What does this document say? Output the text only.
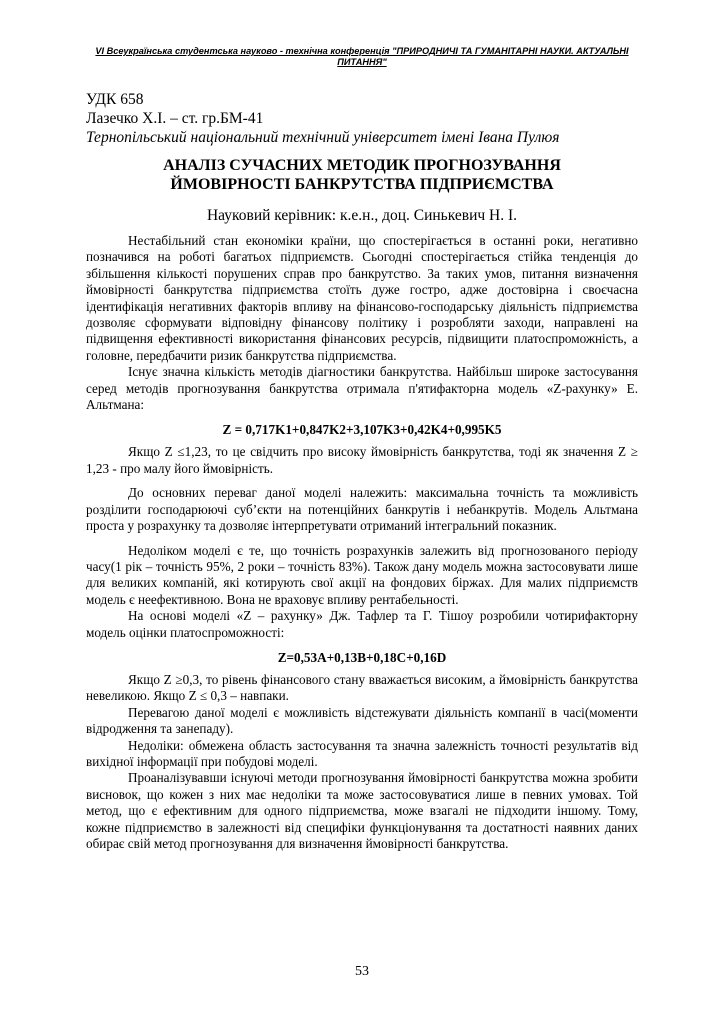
VI Всеукраїнська студентська науково - технічна конференція "ПРИРОДНИЧІ ТА ГУМАНІТАРНІ НАУКИ. АКТУАЛЬНІ ПИТАННЯ"
УДК 658
Лазечко Х.І. – ст. гр.БМ-41
Тернопільський національний технічний університет імені Івана Пулюя
АНАЛІЗ СУЧАСНИХ МЕТОДИК ПРОГНОЗУВАННЯ
ЙМОВІРНОСТІ БАНКРУТСТВА ПІДПРИЄМСТВА
Науковий керівник: к.е.н., доц. Синькевич Н. І.

Нестабільний стан економіки країни, що спостерігається в останні роки, негативно позначився на роботі багатьох підприємств. Сьогодні спостерігається стійка тенденція до збільшення кількості порушених справ про банкрутство. За таких умов, питання визначення ймовірності банкрутства підприємства стоїть дуже гостро, адже достовірна і своєчасна ідентифікація негативних факторів впливу на фінансово-господарську діяльність підприємства дозволяє сформувати відповідну фінансову політику і розробляти заходи, направлені на підвищення ефективності використання фінансових ресурсів, підвищити платоспроможність, а головне, передбачити ризик банкрутства підприємства.

Існує значна кількість методів діагностики банкрутства. Найбільш широке застосування серед методів прогнозування банкрутства отримала п'ятифакторна модель «Z-рахунку» Е. Альтмана:

Z = 0,717K1+0,847K2+3,107K3+0,42K4+0,995K5

Якщо Z ≤1,23, то це свідчить про високу ймовірність банкрутства, тоді як значення Z ≥ 1,23 - про малу його ймовірність.

До основних переваг даної моделі належить: максимальна точність та можливість розділити господарюючі суб’єкти на потенційних банкрутів і небанкрутів. Модель Альтмана проста у розрахунку та дозволяє інтерпретувати отриманий інтегральний показник.

Недоліком моделі є те, що точність розрахунків залежить від прогнозованого періоду часу(1 рік – точність 95%, 2 роки – точність 83%). Також дану модель можна застосовувати лише для великих компаній, які котирують свої акції на фондових біржах. Для малих підприємств модель є неефективною. Вона не враховує впливу рентабельності.

На основі моделі «Z – рахунку» Дж. Тафлер та Г. Тішоу розробили чотирифакторну модель оцінки платоспроможності:

Z=0,53А+0,13В+0,18С+0,16D

Якщо Z ≥0,3, то рівень фінансового стану вважається високим, а ймовірність банкрутства невеликою. Якщо Z ≤ 0,3 – навпаки.

Перевагою даної моделі є можливість відстежувати діяльність компанії в часі(моменти відродження та занепаду).

Недоліки: обмежена область застосування та значна залежність точності результатів від вихідної інформації при побудові моделі.

Проаналізувавши існуючі методи прогнозування ймовірності банкрутства можна зробити висновок, що кожен з них має недоліки та може застосовуватися лише в певних умовах. Той метод, що є ефективним для одного підприємства, може взагалі не підходити іншому. Тому, кожне підприємство в залежності від специфіки функціонування та достатності наявних даних обирає свій метод прогнозування для визначення ймовірності банкрутства.

53
